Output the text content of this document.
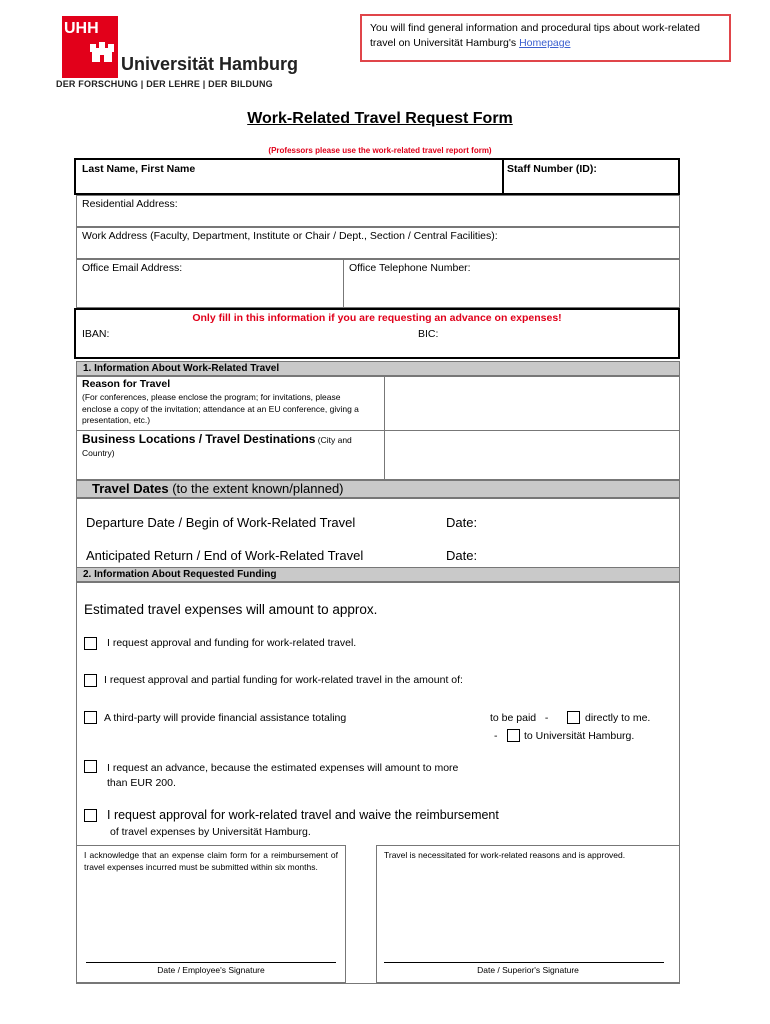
UHH
Universität Hamburg
DER FORSCHUNG | DER LEHRE | DER BILDUNG
You will find general information and procedural tips about work-related travel on Universität Hamburg's Homepage
Work-Related Travel Request Form
(Professors please use the work-related travel report form)
Last Name, First Name	Staff Number (ID):
Residential Address:
Work Address (Faculty, Department, Institute or Chair / Dept., Section / Central Facilities):
Office Email Address:	Office Telephone Number:
Only fill in this information if you are requesting an advance on expenses!
IBAN:	BIC:
1. Information About Work-Related Travel
Reason for Travel
(For conferences, please enclose the program; for invitations, please enclose a copy of the invitation; attendance at an EU conference, giving a presentation, etc.)
Business Locations / Travel Destinations (City and Country)
Travel Dates (to the extent known/planned)
Departure Date / Begin of Work-Related Travel	Date:
Anticipated Return / End of Work-Related Travel	Date:
2. Information About Requested Funding
Estimated travel expenses will amount to approx.
I request approval and funding for work-related travel.
I request approval and partial funding for work-related travel in the amount of:
A third-party will provide financial assistance totaling	to be paid   -	directly to me.
-	to Universität Hamburg.
I request an advance, because the estimated expenses will amount to more
than EUR 200.
I request approval for work-related travel and waive the reimbursement
of travel expenses by Universität Hamburg.
I acknowledge that an expense claim form for a reimbursement of travel expenses incurred must be submitted within six months.
Travel is necessitated for work-related reasons and is approved.
Date / Employee's Signature	Date / Superior's Signature
